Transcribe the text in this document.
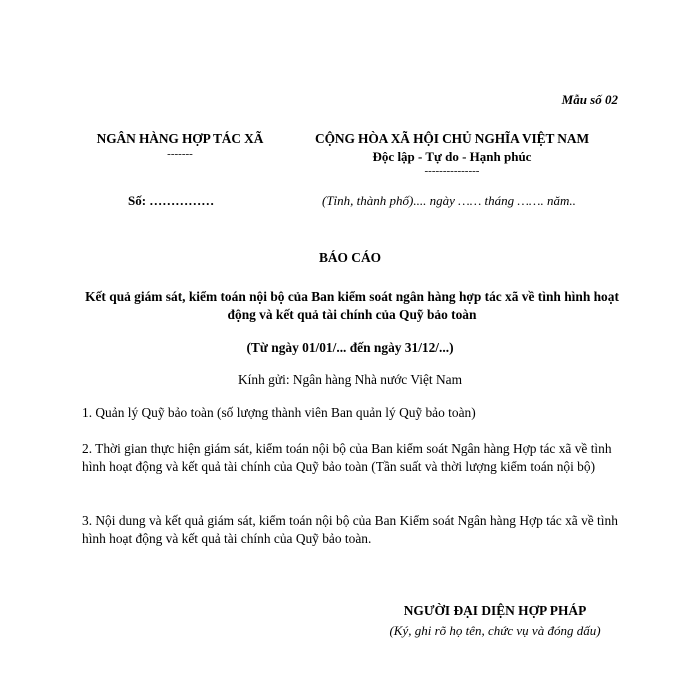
Mẫu số 02
NGÂN HÀNG HỢP TÁC XÃ
-------
CỘNG HÒA XÃ HỘI CHỦ NGHĨA VIỆT NAM
Độc lập - Tự do - Hạnh phúc
---------------
Số: ……………	(Tỉnh, thành phố).... ngày …… tháng ……. năm..
BÁO CÁO
Kết quả giám sát, kiểm toán nội bộ của Ban kiểm soát ngân hàng hợp tác xã về tình hình hoạt động và kết quả tài chính của Quỹ bảo toàn
(Từ ngày 01/01/... đến ngày 31/12/...)
Kính gửi: Ngân hàng Nhà nước Việt Nam
1. Quản lý Quỹ bảo toàn (số lượng thành viên Ban quản lý Quỹ bảo toàn)
2. Thời gian thực hiện giám sát, kiểm toán nội bộ của Ban kiểm soát Ngân hàng Hợp tác xã về tình hình hoạt động và kết quả tài chính của Quỹ bảo toàn (Tần suất và thời lượng kiểm toán nội bộ)
3. Nội dung và kết quả giám sát, kiểm toán nội bộ của Ban Kiểm soát Ngân hàng Hợp tác xã về tình hình hoạt động và kết quả tài chính của Quỹ bảo toàn.
NGƯỜI ĐẠI DIỆN HỢP PHÁP
(Ký, ghi rõ họ tên, chức vụ và đóng dấu)
